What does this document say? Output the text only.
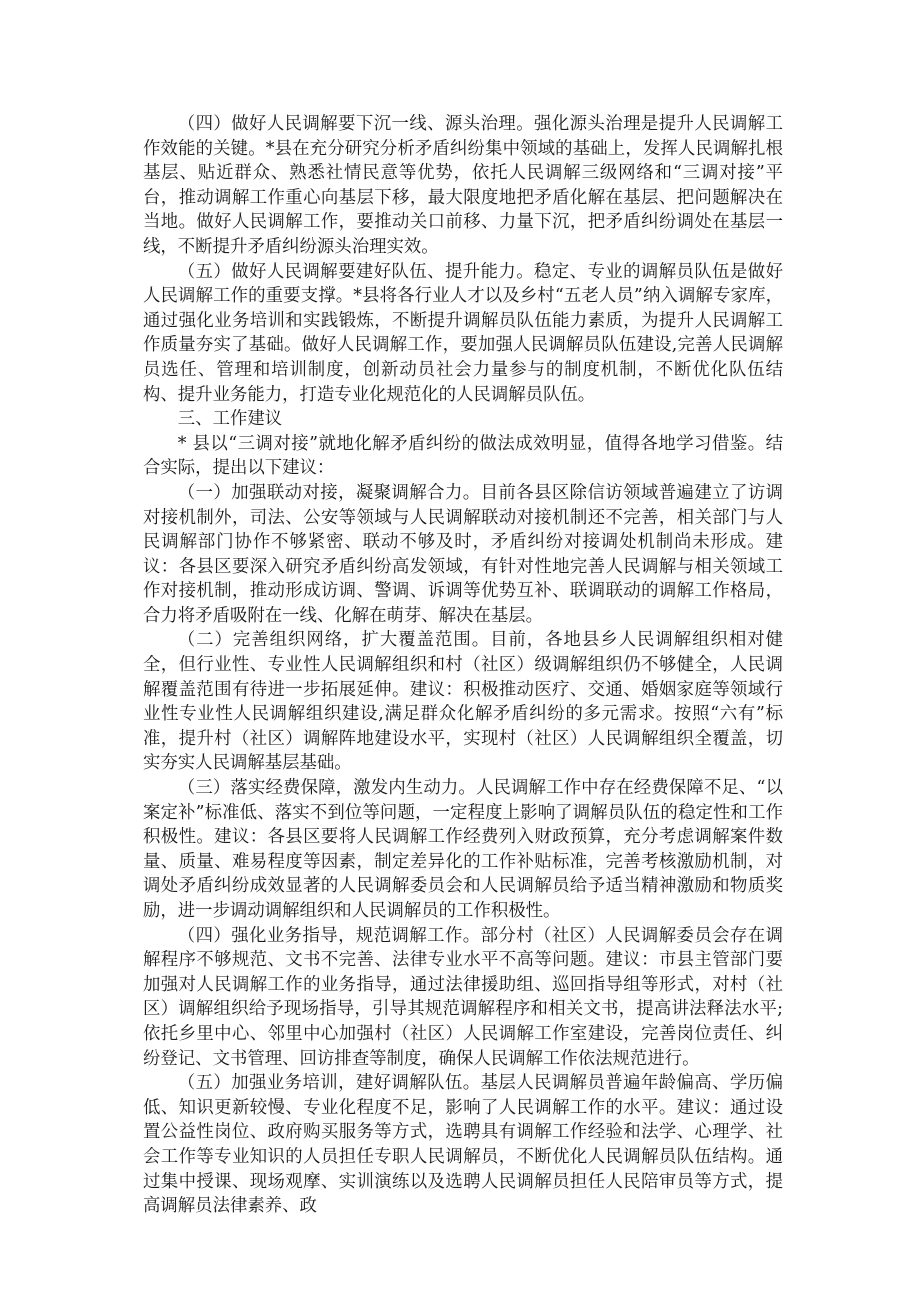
（四）做好人民调解要下沉一线、源头治理。强化源头治理是提升人民调解工作效能的关键。*县在充分研究分析矛盾纠纷集中领域的基础上，发挥人民调解扎根基层、贴近群众、熟悉社情民意等优势，依托人民调解三级网络和“三调对接”平台，推动调解工作重心向基层下移，最大限度地把矛盾化解在基层、把问题解决在当地。做好人民调解工作，要推动关口前移、力量下沉，把矛盾纠纷调处在基层一线，不断提升矛盾纠纷源头治理实效。

（五）做好人民调解要建好队伍、提升能力。稳定、专业的调解员队伍是做好人民调解工作的重要支撑。*县将各行业人才以及乡村“五老人员”纳入调解专家库，通过强化业务培训和实践锻炼，不断提升调解员队伍能力素质，为提升人民调解工作质量夯实了基础。做好人民调解工作，要加强人民调解员队伍建设,完善人民调解员选任、管理和培训制度，创新动员社会力量参与的制度机制，不断优化队伍结构、提升业务能力，打造专业化规范化的人民调解员队伍。

三、工作建议

* 县以“三调对接”就地化解矛盾纠纷的做法成效明显，值得各地学习借鉴。结合实际，提出以下建议：

（一）加强联动对接，凝聚调解合力。目前各县区除信访领域普遍建立了访调对接机制外，司法、公安等领域与人民调解联动对接机制还不完善，相关部门与人民调解部门协作不够紧密、联动不够及时，矛盾纠纷对接调处机制尚未形成。建议：各县区要深入研究矛盾纠纷高发领域，有针对性地完善人民调解与相关领域工作对接机制，推动形成访调、警调、诉调等优势互补、联调联动的调解工作格局，合力将矛盾吸附在一线、化解在萌芽、解决在基层。

（二）完善组织网络，扩大覆盖范围。目前，各地县乡人民调解组织相对健全，但行业性、专业性人民调解组织和村（社区）级调解组织仍不够健全，人民调解覆盖范围有待进一步拓展延伸。建议：积极推动医疗、交通、婚姻家庭等领域行业性专业性人民调解组织建设,满足群众化解矛盾纠纷的多元需求。按照“六有”标准，提升村（社区）调解阵地建设水平，实现村（社区）人民调解组织全覆盖，切实夯实人民调解基层基础。

（三）落实经费保障，激发内生动力。人民调解工作中存在经费保障不足、“以案定补”标准低、落实不到位等问题，一定程度上影响了调解员队伍的稳定性和工作积极性。建议：各县区要将人民调解工作经费列入财政预算，充分考虑调解案件数量、质量、难易程度等因素，制定差异化的工作补贴标准，完善考核激励机制，对调处矛盾纠纷成效显著的人民调解委员会和人民调解员给予适当精神激励和物质奖励，进一步调动调解组织和人民调解员的工作积极性。

（四）强化业务指导，规范调解工作。部分村（社区）人民调解委员会存在调解程序不够规范、文书不完善、法律专业水平不高等问题。建议：市县主管部门要加强对人民调解工作的业务指导，通过法律援助组、巡回指导组等形式，对村（社区）调解组织给予现场指导，引导其规范调解程序和相关文书，提高讲法释法水平;依托乡里中心、邻里中心加强村（社区）人民调解工作室建设，完善岗位责任、纠纷登记、文书管理、回访排查等制度，确保人民调解工作依法规范进行。

（五）加强业务培训，建好调解队伍。基层人民调解员普遍年龄偏高、学历偏低、知识更新较慢、专业化程度不足，影响了人民调解工作的水平。建议：通过设置公益性岗位、政府购买服务等方式，选聘具有调解工作经验和法学、心理学、社会工作等专业知识的人员担任专职人民调解员，不断优化人民调解员队伍结构。通过集中授课、现场观摩、实训演练以及选聘人民调解员担任人民陪审员等方式，提高调解员法律素养、政
